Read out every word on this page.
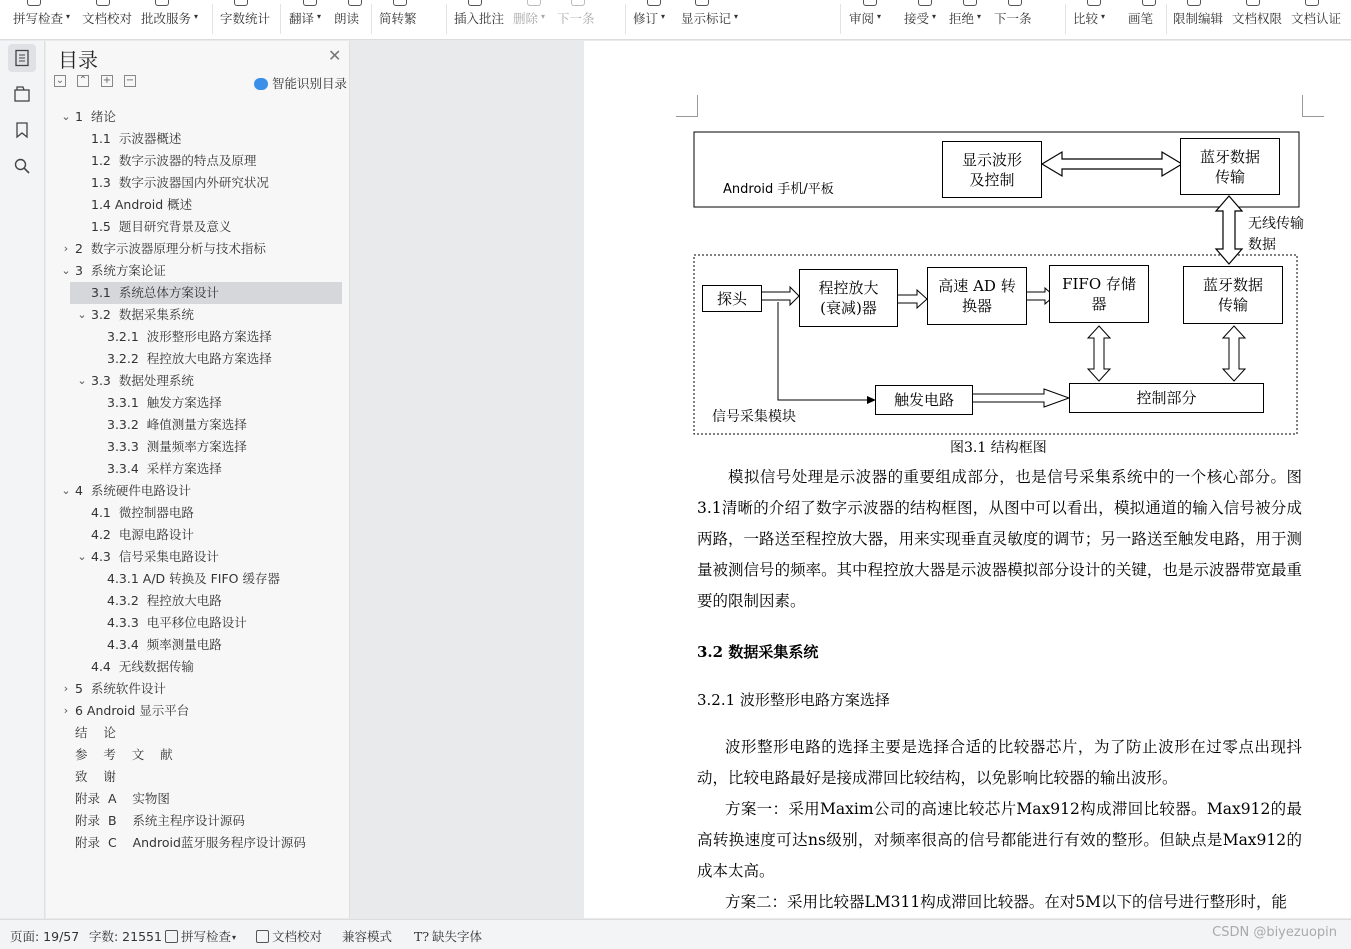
拼写检查 ▾ 文档校对 批改服务 ▾ 字数统计 翻译 ▾ 朗读 简转繁	插入批注 删除 ▾ 下一条	修订 ▾ 显示标记 ▾	审阅 ▾ 接受 ▾ 拒绝 ▾ 下一条	比较 ▾ 画笔 限制编辑 文档权限 文档认证
目录	✕
⌄ ⌃ + −	智能识别目录
⌄ 1  绪论
1.1  示波器概述
1.2  数字示波器的特点及原理
1.3  数字示波器国内外研究状况
1.4 Android 概述
1.5  题目研究背景及意义
› 2  数字示波器原理分析与技术指标
⌄ 3  系统方案论证
3.1  系统总体方案设计
⌄ 3.2  数据采集系统
3.2.1  波形整形电路方案选择
3.2.2  程控放大电路方案选择
⌄ 3.3  数据处理系统
3.3.1  触发方案选择
3.3.2  峰值测量方案选择
3.3.3  测量频率方案选择
3.3.4  采样方案选择
⌄ 4  系统硬件电路设计
4.1  微控制器电路
4.2  电源电路设计
⌄ 4.3  信号采集电路设计
4.3.1 A/D 转换及 FIFO 缓存器
4.3.2  程控放大电路
4.3.3  电平移位电路设计
4.3.4  频率测量电路
4.4  无线数据传输
› 5  系统软件设计
› 6 Android 显示平台
结    论
参    考    文    献
致    谢
附录  A    实物图
附录  B    系统主程序设计源码
附录  C    Android蓝牙服务程序设计源码
Android 手机/平板
显示波形
及控制
蓝牙数据
传输
无线传输
数据
探头
程控放大
(衰减)器
高速 AD 转
换器
FIFO 存储
器
蓝牙数据
传输
触发电路	控制部分
信号采集模块
图3.1 结构框图
模拟信号处理是示波器的重要组成部分，也是信号采集系统中的一个核心部分。图3.1清晰的介绍了数字示波器的结构框图，从图中可以看出，模拟通道的输入信号被分成两路，一路送至程控放大器，用来实现垂直灵敏度的调节；另一路送至触发电路，用于测量被测信号的频率。其中程控放大器是示波器模拟部分设计的关键，也是示波器带宽最重要的限制因素。
3.2 数据采集系统
3.2.1 波形整形电路方案选择
波形整形电路的选择主要是选择合适的比较器芯片，为了防止波形在过零点出现抖动，比较电路最好是接成滞回比较结构，以免影响比较器的输出波形。
方案一：采用Maxim公司的高速比较芯片Max912构成滞回比较器。Max912的最高转换速度可达ns级别，对频率很高的信号都能进行有效的整形。但缺点是Max912的成本太高。
方案二：采用比较器LM311构成滞回比较器。在对5M以下的信号进行整形时，能
页面: 19/57 字数: 21551	拼写检查▾	文档校对 兼容模式 T? 缺失字体	CSDN @biyezuopin
